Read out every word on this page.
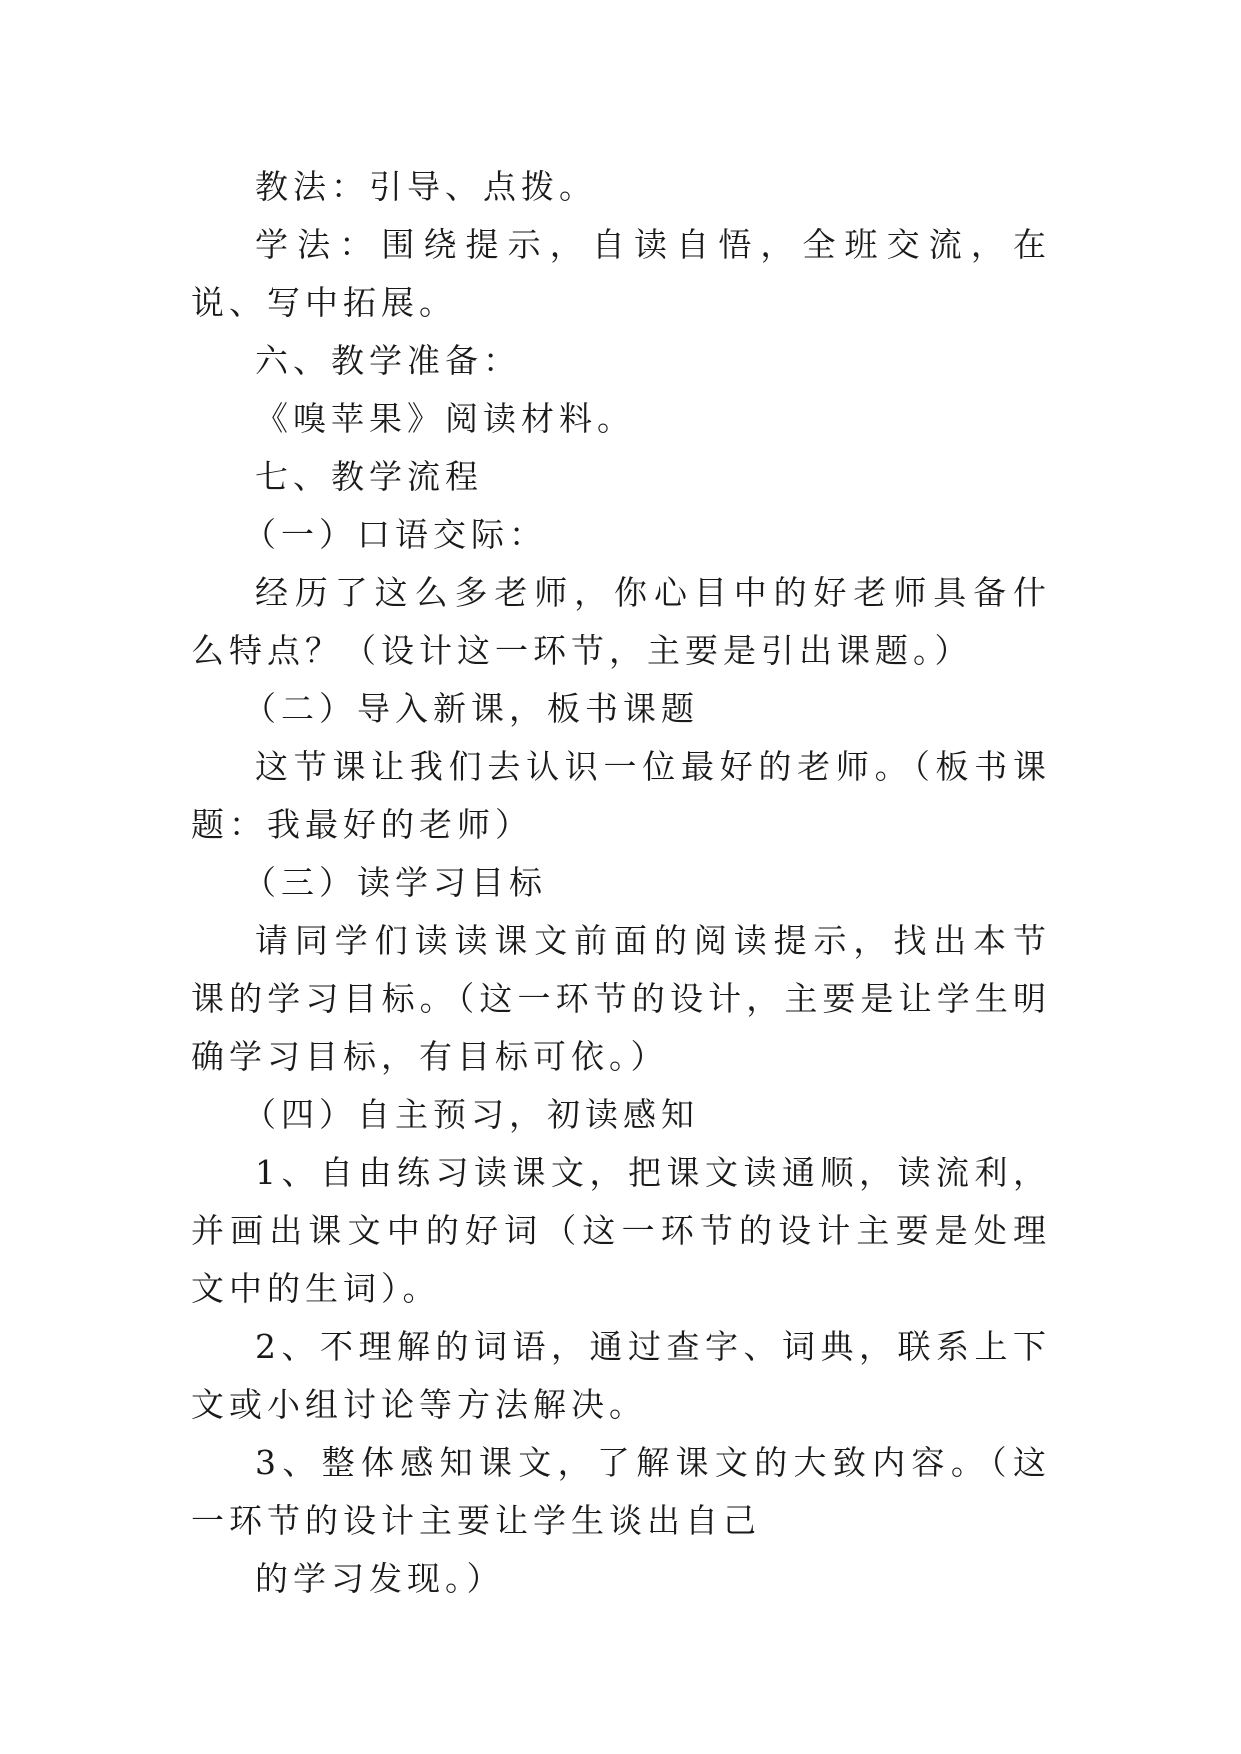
教法：引导、点拨。

学法：围绕提示，自读自悟，全班交流，在说、写中拓展。

六、教学准备：

《嗅苹果》阅读材料。

七、教学流程

（一）口语交际：

经历了这么多老师，你心目中的好老师具备什么特点？（设计这一环节，主要是引出课题。）

（二）导入新课，板书课题

这节课让我们去认识一位最好的老师。（板书课题：我最好的老师）

（三）读学习目标

请同学们读读课文前面的阅读提示，找出本节课的学习目标。（这一环节的设计，主要是让学生明确学习目标，有目标可依。）

（四）自主预习，初读感知

1、自由练习读课文，把课文读通顺，读流利，并画出课文中的好词（这一环节的设计主要是处理文中的生词）。

2、不理解的词语，通过查字、词典，联系上下文或小组讨论等方法解决。

3、整体感知课文，了解课文的大致内容。（这一环节的设计主要让学生谈出自己

的学习发现。）
